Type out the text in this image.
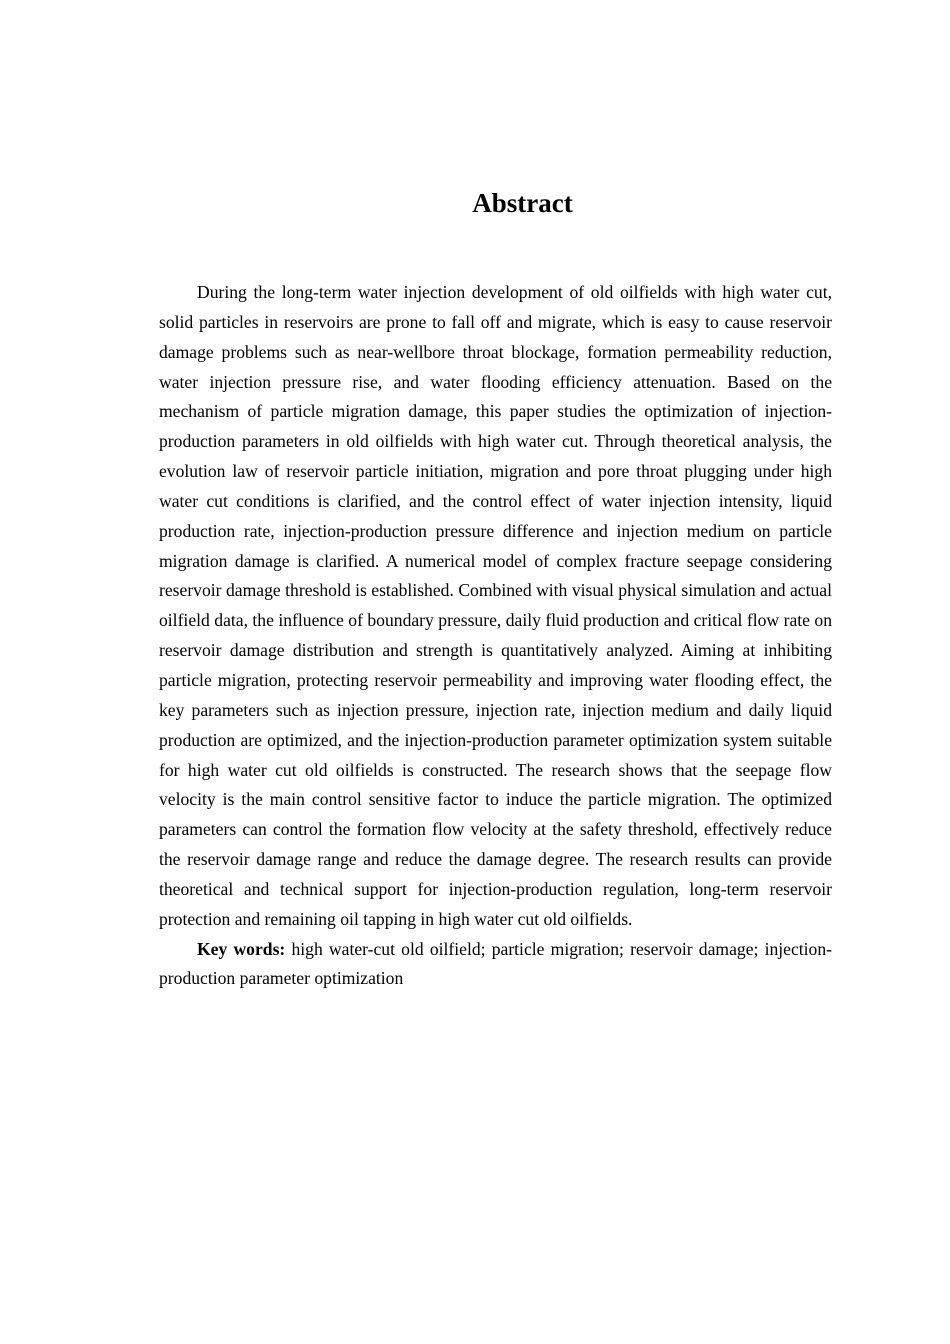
Abstract

During the long-term water injection development of old oilfields with high water cut, solid particles in reservoirs are prone to fall off and migrate, which is easy to cause reservoir damage problems such as near-wellbore throat blockage, formation permeability reduction, water injection pressure rise, and water flooding efficiency attenuation. Based on the mechanism of particle migration damage, this paper studies the optimization of injection-production parameters in old oilfields with high water cut. Through theoretical analysis, the evolution law of reservoir particle initiation, migration and pore throat plugging under high water cut conditions is clarified, and the control effect of water injection intensity, liquid production rate, injection-production pressure difference and injection medium on particle migration damage is clarified. A numerical model of complex fracture seepage considering reservoir damage threshold is established. Combined with visual physical simulation and actual oilfield data, the influence of boundary pressure, daily fluid production and critical flow rate on reservoir damage distribution and strength is quantitatively analyzed. Aiming at inhibiting particle migration, protecting reservoir permeability and improving water flooding effect, the key parameters such as injection pressure, injection rate, injection medium and daily liquid production are optimized, and the injection-production parameter optimization system suitable for high water cut old oilfields is constructed. The research shows that the seepage flow velocity is the main control sensitive factor to induce the particle migration. The optimized parameters can control the formation flow velocity at the safety threshold, effectively reduce the reservoir damage range and reduce the damage degree. The research results can provide theoretical and technical support for injection-production regulation, long-term reservoir protection and remaining oil tapping in high water cut old oilfields.

Key words: high water-cut old oilfield; particle migration; reservoir damage; injection-production parameter optimization
